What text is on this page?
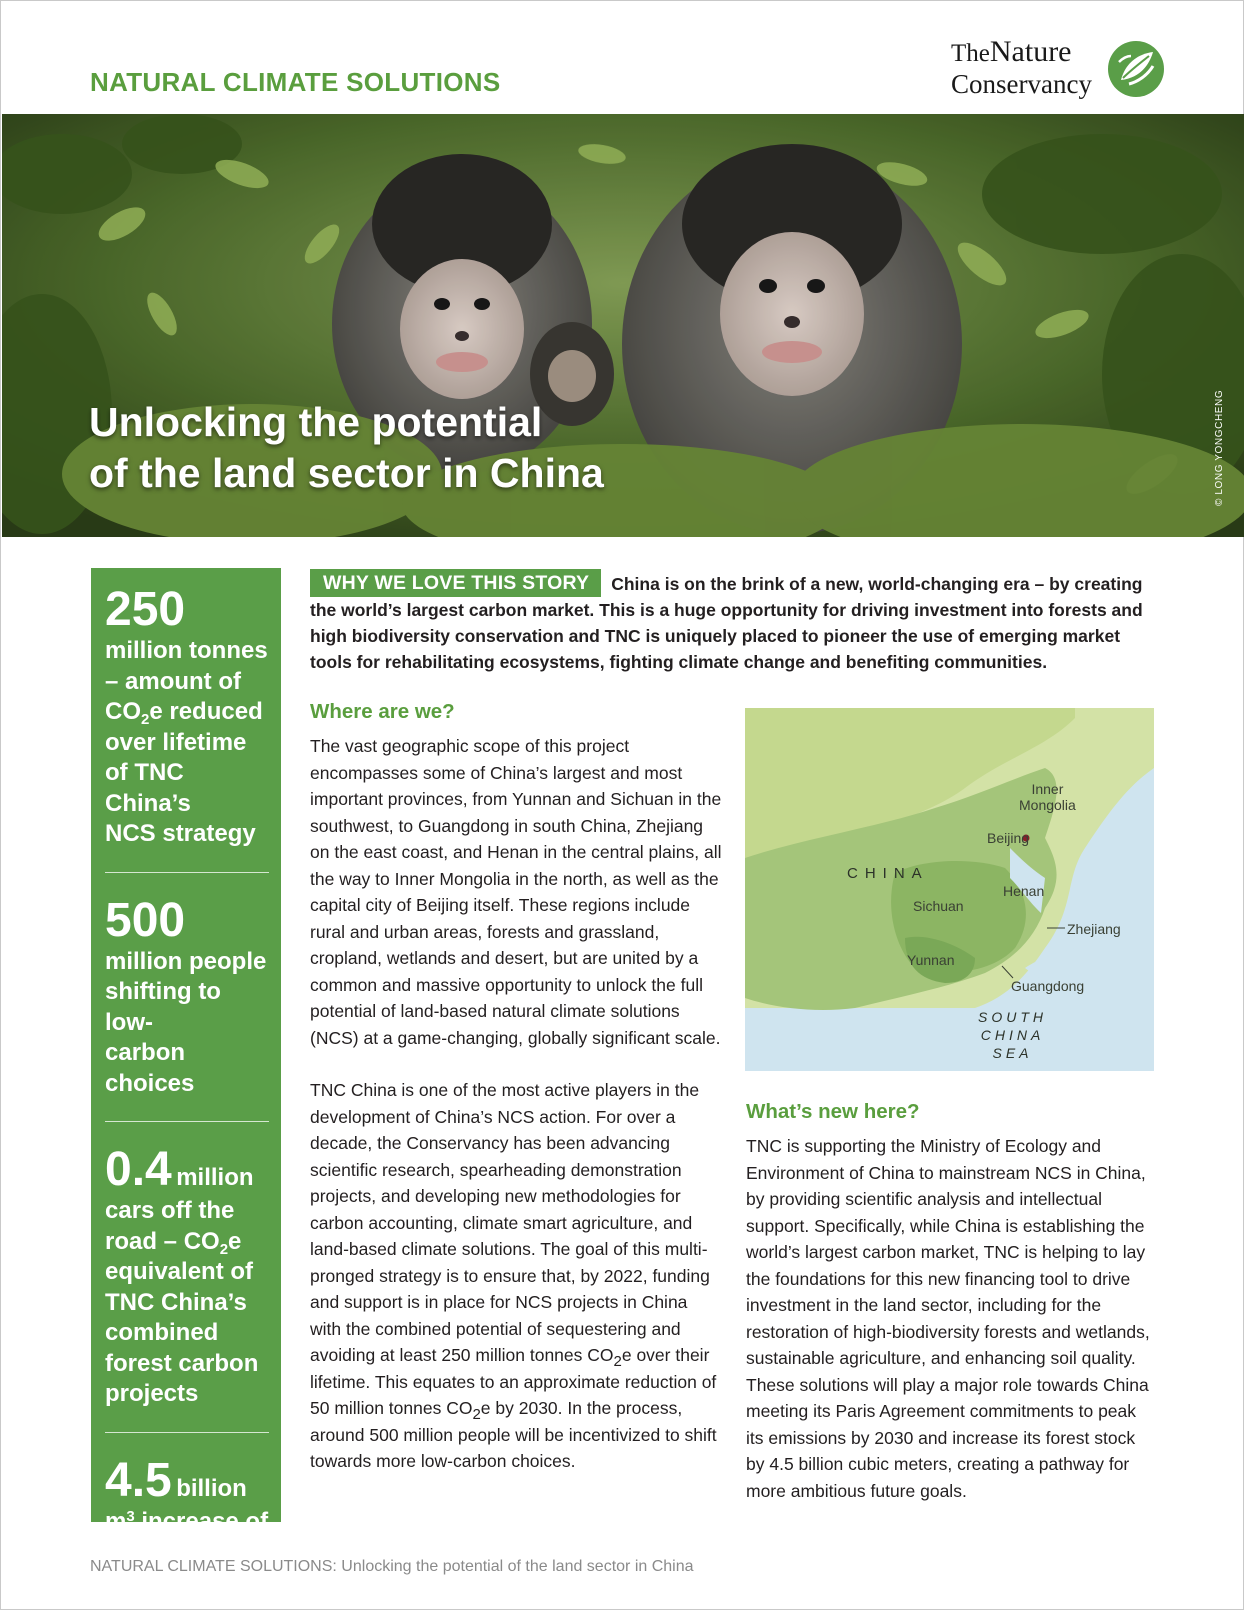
NATURAL CLIMATE SOLUTIONS
TheNature
Conservancy
Unlocking the potential
of the land sector in China	© LONG YONGCHENG
250
million tonnes
– amount of
$CO_2e$ reduced
over lifetime
of TNC China’s
NCS strategy
500
million people
shifting to low-
carbon choices
0.4 million
cars off the
road – $CO_2e$
equivalent of
TNC China’s
combined
forest carbon
projects
4.5 billion
$m^3$ increase of
China’s forest
stock
WHY WE LOVE THIS STORY China is on the brink of a new, world-changing era – by creating the world’s largest carbon market. This is a huge opportunity for driving investment into forests and high biodiversity conservation and TNC is uniquely placed to pioneer the use of emerging market tools for rehabilitating ecosystems, fighting climate change and benefiting communities.
Where are we?

The vast geographic scope of this project encompasses some of China’s largest and most important provinces, from Yunnan and Sichuan in the southwest, to Guangdong in south China, Zhejiang on the east coast, and Henan in the central plains, all the way to Inner Mongolia in the north, as well as the capital city of Beijing itself. These regions include rural and urban areas, forests and grassland, cropland, wetlands and desert, but are united by a common and massive opportunity to unlock the full potential of land-based natural climate solutions (NCS) at a game-changing, globally significant scale.

TNC China is one of the most active players in the development of China’s NCS action. For over a decade, the Conservancy has been advancing scientific research, spearheading demonstration projects, and developing new methodologies for carbon accounting, climate smart agriculture, and land-based climate solutions. The goal of this multi-pronged strategy is to ensure that, by 2022, funding and support is in place for NCS projects in China with the combined potential of sequestering and avoiding at least 250 million tonnes $CO_2e$ over their lifetime. This equates to an approximate reduction of 50 million tonnes $CO_2e$ by 2030. In the process, around 500 million people will be incentivized to shift towards more low-carbon choices.

CHINA
Inner
Mongolia
Beijing
Henan
Sichuan
Zhejiang
Yunnan
Guangdong
SOUTH
CHINA
SEA
What’s new here?

TNC is supporting the Ministry of Ecology and Environment of China to mainstream NCS in China, by providing scientific analysis and intellectual support. Specifically, while China is establishing the world’s largest carbon market, TNC is helping to lay the foundations for this new financing tool to drive investment in the land sector, including for the restoration of high-biodiversity forests and wetlands, sustainable agriculture, and enhancing soil quality. These solutions will play a major role towards China meeting its Paris Agreement commitments to peak its emissions by 2030 and increase its forest stock by 4.5 billion cubic meters, creating a pathway for more ambitious future goals.

NATURAL CLIMATE SOLUTIONS: Unlocking the potential of the land sector in China
